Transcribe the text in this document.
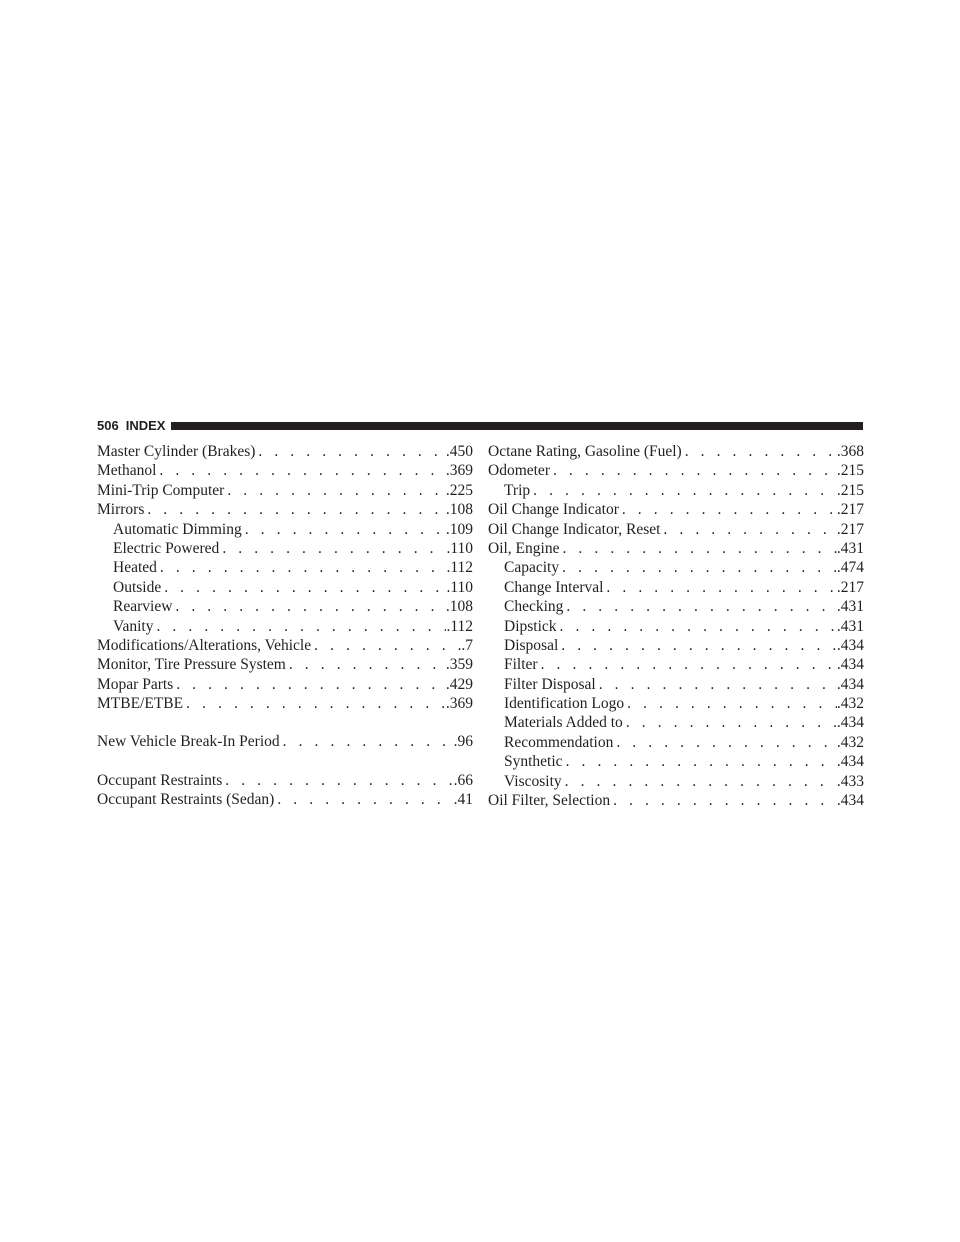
506 INDEX
Master Cylinder (Brakes) . . .	.450
Methanol . . .	.369
Mini-Trip Computer . . .	.225
Mirrors . . .	.108
Automatic Dimming . . .	.109
Electric Powered . . .	.110
Heated . . .	.112
Outside . . .	.110
Rearview . . .	.108
Vanity . . .	.112
Modifications/Alterations, Vehicle . . .	.7
Monitor, Tire Pressure System . . .	.359
Mopar Parts . . .	.429
MTBE/ETBE . . .	.369
New Vehicle Break-In Period . . .	.96
Occupant Restraints . . .	.66
Occupant Restraints (Sedan) . . .	.41
Octane Rating, Gasoline (Fuel) . . .	.368
Odometer . . .	.215
Trip . . .	.215
Oil Change Indicator . . .	.217
Oil Change Indicator, Reset . . .	.217
Oil, Engine . . .	.431
Capacity . . .	.474
Change Interval . . .	.217
Checking . . .	.431
Dipstick . . .	.431
Disposal . . .	.434
Filter . . .	.434
Filter Disposal . . .	.434
Identification Logo . . .	.432
Materials Added to . . .	.434
Recommendation . . .	.432
Synthetic . . .	.434
Viscosity . . .	.433
Oil Filter, Selection . . .	.434
